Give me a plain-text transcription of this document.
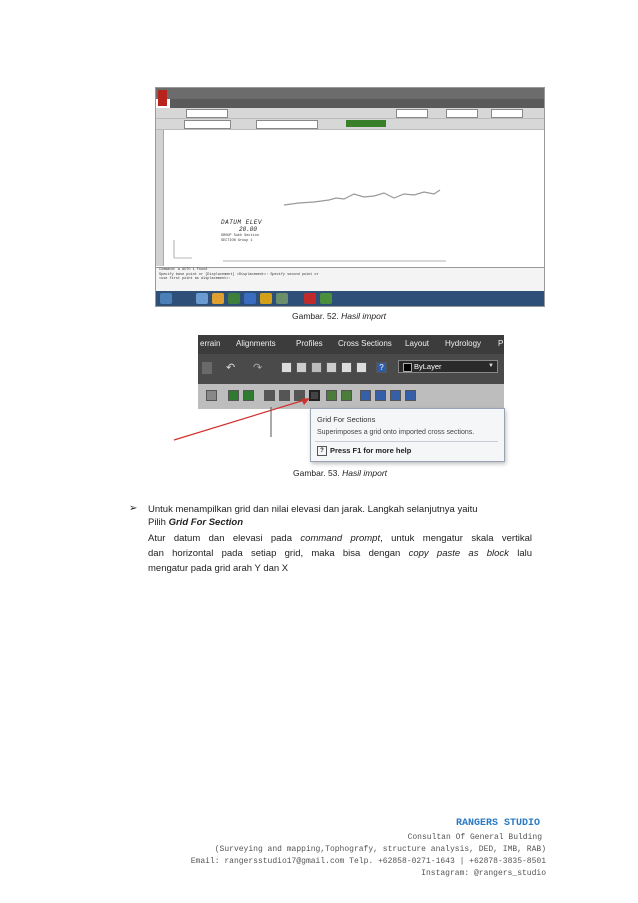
DATUM ELEV
20.00
GROUP Sukh Section
SECTION Group 1
Command: w AUTO 1 Found
Specify base point or [Displacement] <Displacement>: Specify second point or
<use first point as displacement>:
Gambar. 52. Hasil import
errain Alignments	Profiles Cross Sections Layout Hydrology P
↶ ↷	?	ByLayer	▼
Grid For Sections
Superimposes a grid onto imported cross sections.
? Press F1 for more help
Gambar. 53. Hasil import
➢ Untuk menampilkan grid dan nilai elevasi dan jarak. Langkah selanjutnya yaitu
Pilih Grid For Section
Atur datum dan elevasi pada command prompt, untuk mengatur skala vertikal
dan horizontal pada setiap grid, maka bisa dengan copy paste as block lalu
mengatur pada grid arah Y dan X
RANGERS STUDIO
Consultan Of General Bulding
(Surveying and mapping,Tophografy, structure analysis, DED, IMB, RAB)
Email: rangersstudio17@gmail.com Telp. +62858-0271-1643 | +62878-3835-8501
Instagram: @rangers_studio
